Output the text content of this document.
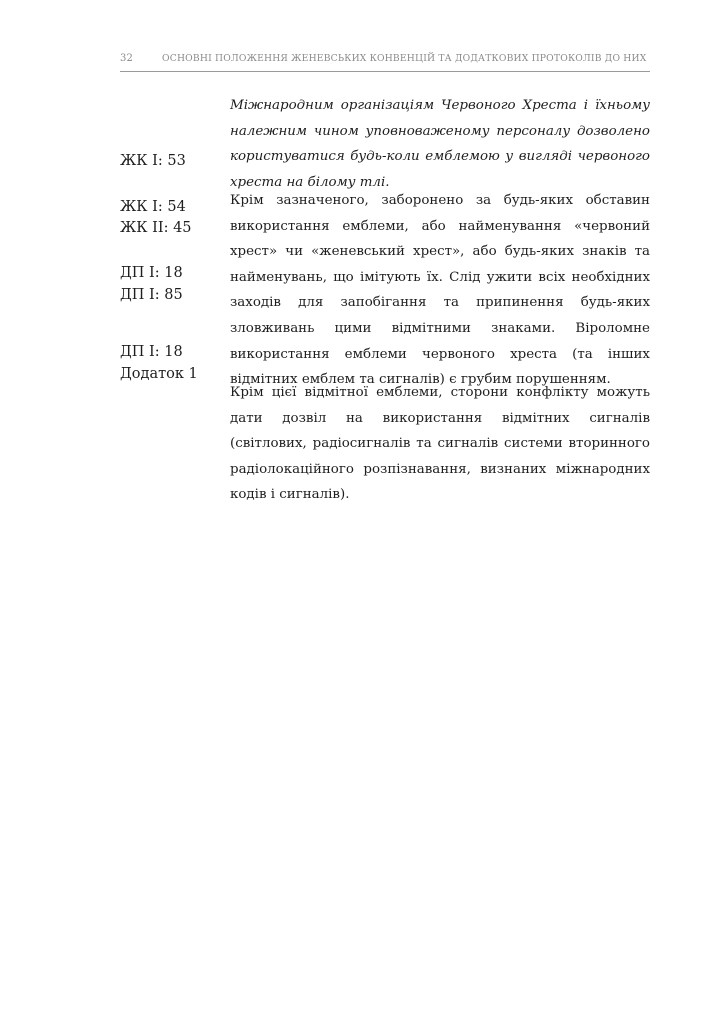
32	ОСНОВНІ ПОЛОЖЕННЯ ЖЕНЕВСЬКИХ КОНВЕНЦІЙ ТА ДОДАТКОВИХ ПРОТОКОЛІВ ДО НИХ
ЖК I: 53
ЖК I: 54
ЖК II: 45
ДП I: 18
ДП I: 85
ДП I: 18
Додаток 1

Міжнародним організаціям Червоного Хреста і їхньому належним чином уповноваженому персоналу дозволено користуватися будь-коли емблемою у вигляді червоного хреста на білому тлі.

Крім зазначеного, заборонено за будь-яких обставин використання емблеми, або найменування «червоний хрест» чи «женевський хрест», або будь-яких знаків та найменувань, що імітують їх. Слід ужити всіх необхідних заходів для запобігання та припинення будь-яких зловживань цими відмітними знаками. Віроломне використання емблеми червоного хреста (та інших відмітних емблем та сигналів) є грубим порушенням.

Крім цієї відмітної емблеми, сторони конфлікту можуть дати дозвіл на використання відмітних сигналів (світлових, радіосигналів та сигналів системи вторинного радіолокаційного розпізнавання, визнаних міжнародних кодів і сигналів).
